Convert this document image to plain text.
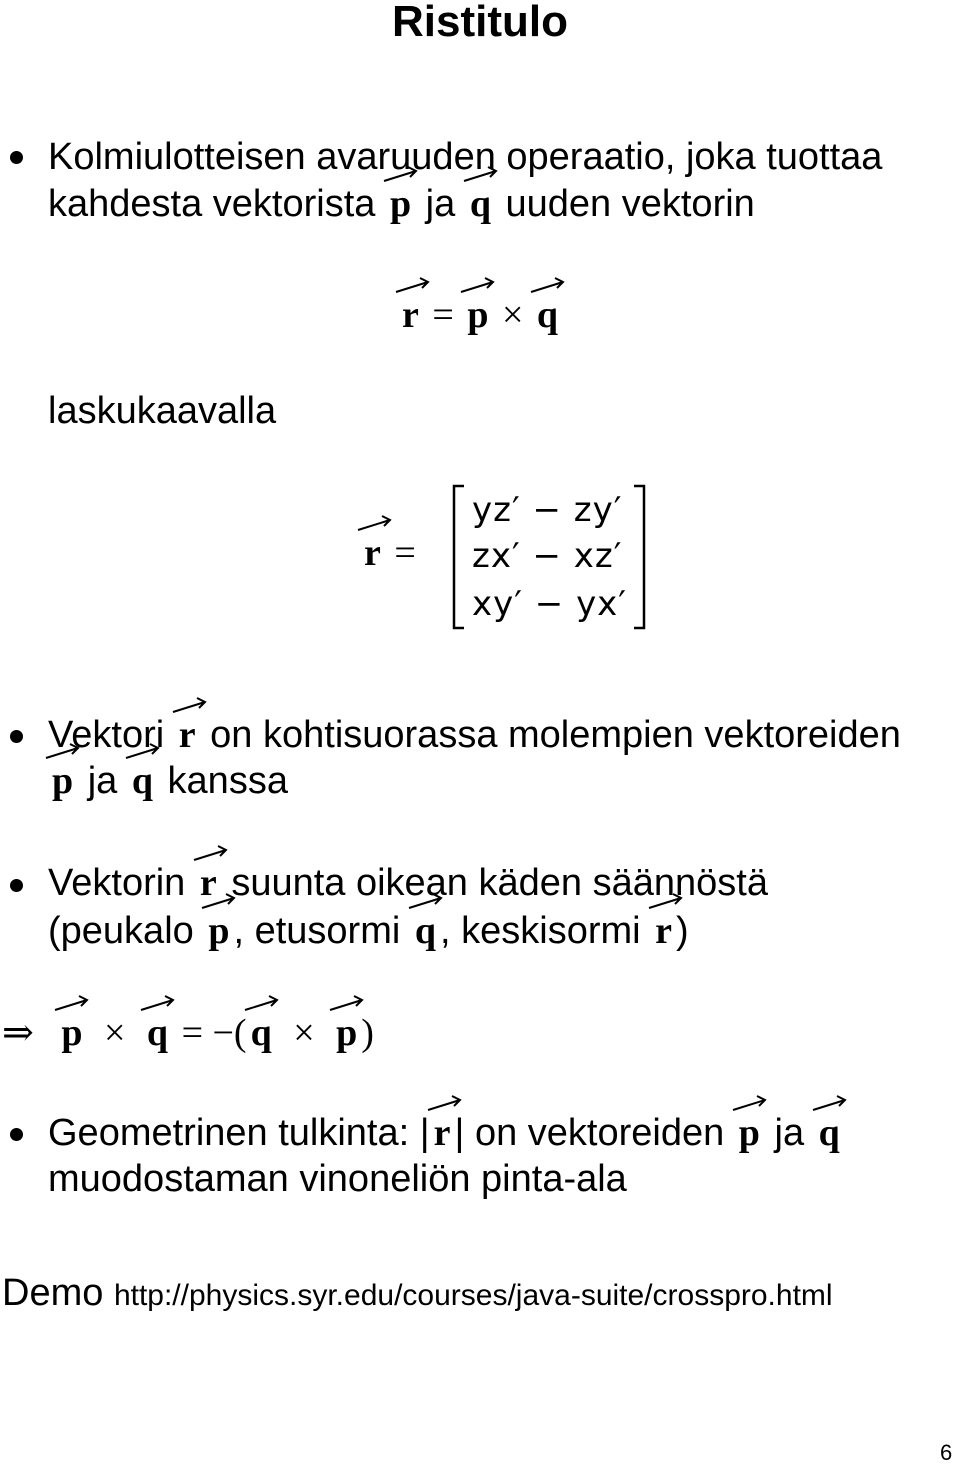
Ristitulo
Kolmiulotteisen avaruuden operaatio, joka tuottaa
kahdesta vektorista p ja q uuden vektorin
r = p × q
laskukaavalla
r =
yz′ − zy′
zx′ − xz′
xy′ − yx′
Vektori r on kohtisuorassa molempien vektoreiden
p ja q kanssa
Vektorin r suunta oikean käden säännöstä
(peukalo p , etusormi q , keskisormi r )
⇒ p × q = −( q × p )
Geometrinen tulkinta: | r | on vektoreiden p ja q
muodostaman vinoneliön pinta-ala
Demo http://physics.syr.edu/courses/java-suite/crosspro.html
6
